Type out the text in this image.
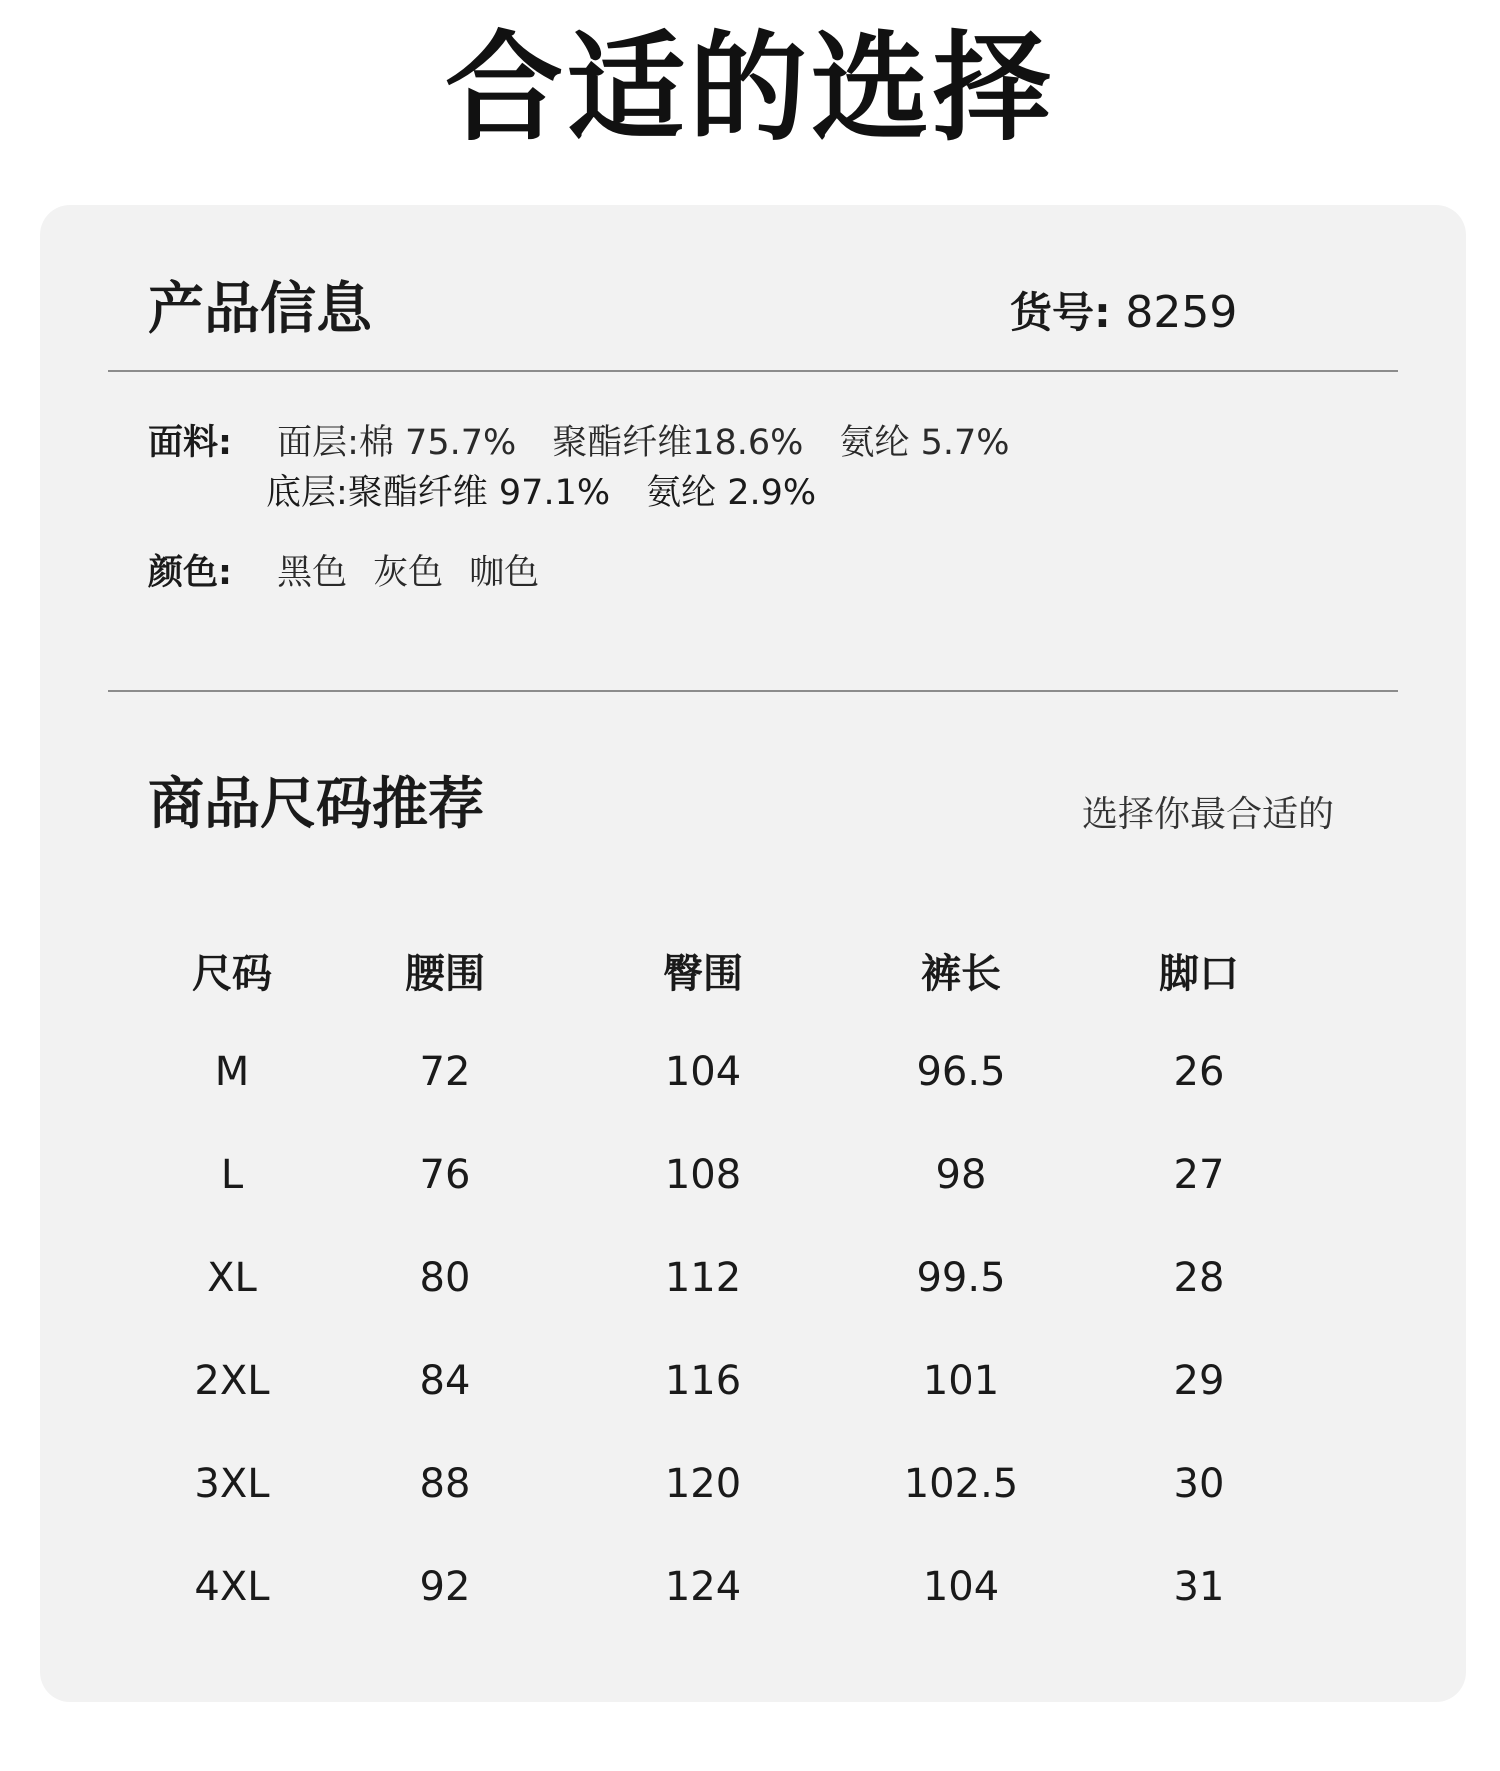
合适的选择
产品信息	货号: 8259
面料: 面层:棉 75.7% 聚酯纤维18.6% 氨纶 5.7%
底层:聚酯纤维 97.1% 氨纶 2.9%
颜色: 黑色 灰色 咖色
商品尺码推荐	选择你最合适的
尺码	腰围	臀围	裤长	脚口
M	72	104	96.5	26
L	76	108	98	27
XL	80	112	99.5	28
2XL	84	116	101	29
3XL	88	120	102.5	30
4XL	92	124	104	31
